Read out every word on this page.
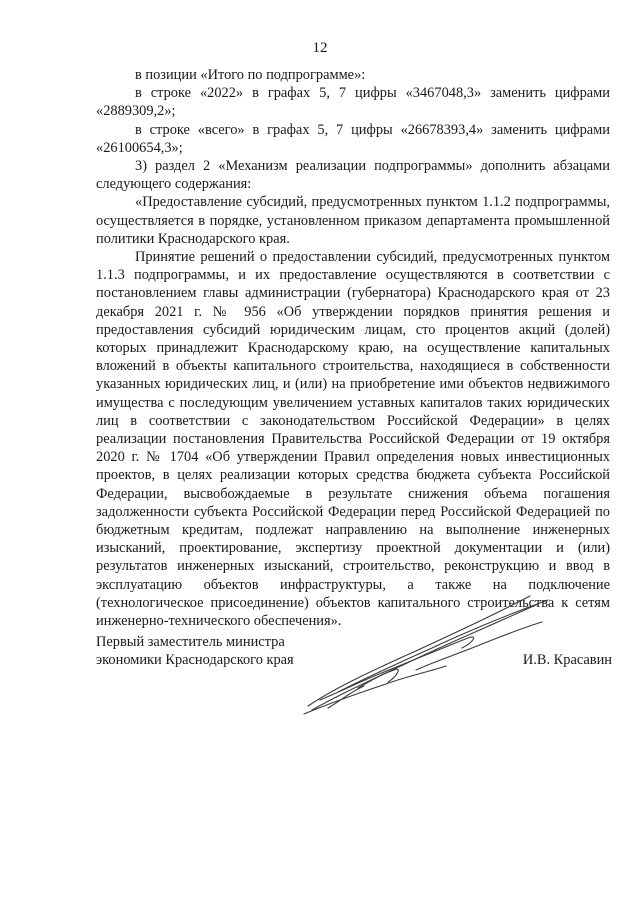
12

в позиции «Итого по подпрограмме»:

в строке «2022» в графах 5, 7 цифры «3467048,3» заменить цифрами «2889309,2»;

в строке «всего» в графах 5, 7 цифры «26678393,4» заменить цифрами «26100654,3»;

3) раздел 2 «Механизм реализации подпрограммы» дополнить абзацами следующего содержания:

«Предоставление субсидий, предусмотренных пунктом 1.1.2 подпрограммы, осуществляется в порядке, установленном приказом департамента промышленной политики Краснодарского края.

Принятие решений о предоставлении субсидий, предусмотренных пунктом 1.1.3 подпрограммы, и их предоставление осуществляются в соответствии с постановлением главы администрации (губернатора) Краснодарского края от 23 декабря 2021 г. № 956 «Об утверждении порядков принятия решения и предоставления субсидий юридическим лицам, сто процентов акций (долей) которых принадлежит Краснодарскому краю, на осуществление капитальных вложений в объекты капитального строительства, находящиеся в собственности указанных юридических лиц, и (или) на приобретение ими объектов недвижимого имущества с последующим увеличением уставных капиталов таких юридических лиц в соответствии с законодательством Российской Федерации» в целях реализации постановления Правительства Российской Федерации от 19 октября 2020 г. № 1704 «Об утверждении Правил определения новых инвестиционных проектов, в целях реализации которых средства бюджета субъекта Российской Федерации, высвобождаемые в результате снижения объема погашения задолженности субъекта Российской Федерации перед Российской Федерацией по бюджетным кредитам, подлежат направлению на выполнение инженерных изысканий, проектирование, экспертизу проектной документации и (или) результатов инженерных изысканий, строительство, реконструкцию и ввод в эксплуатацию объектов инфраструктуры, а также на подключение (технологическое присоединение) объектов капитального строительства к сетям инженерно-технического обеспечения».

Первый заместитель министра
экономики Краснодарского края	И.В. Красавин
